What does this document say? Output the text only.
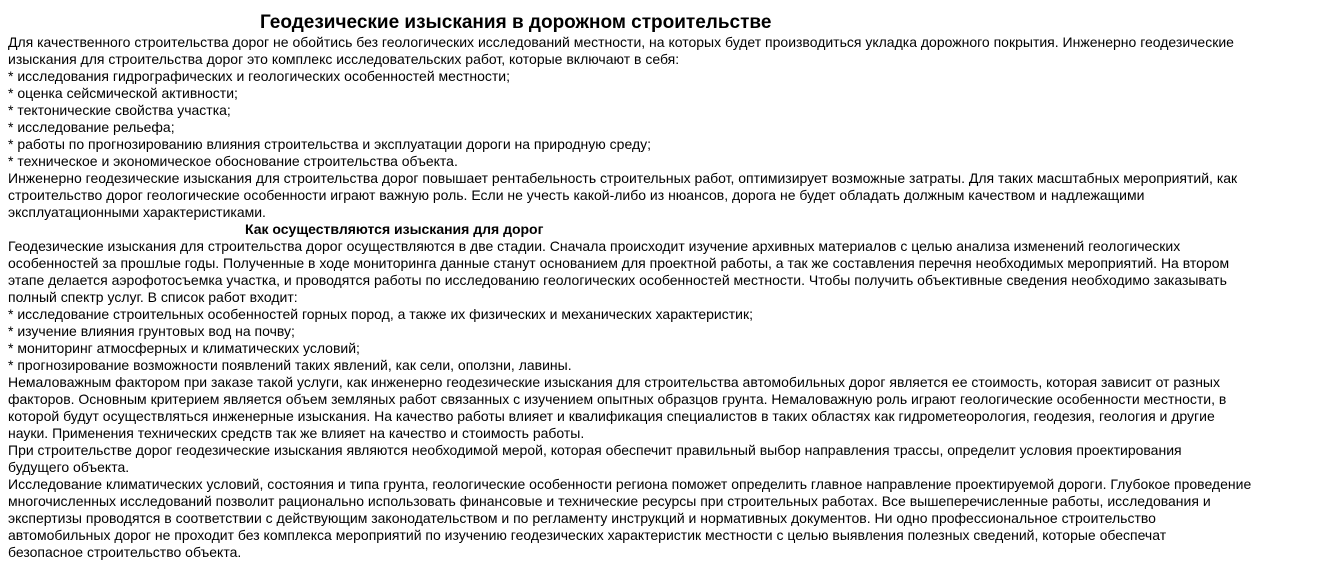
Геодезические изыскания в дорожном строительстве

Для качественного строительства дорог не обойтись без геологических исследований местности, на которых будет производиться укладка дорожного покрытия. Инженерно геодезические

изыскания для строительства дорог это комплекс исследовательских работ, которые включают в себя:

* исследования гидрографических и геологических особенностей местности;

* оценка сейсмической активности;

* тектонические свойства участка;

* исследование рельефа;

* работы по прогнозированию влияния строительства и эксплуатации дороги на природную среду;

* техническое и экономическое обоснование строительства объекта.

Инженерно геодезические изыскания для строительства дорог повышает рентабельность строительных работ, оптимизирует возможные затраты. Для таких масштабных мероприятий, как

строительство дорог геологические особенности играют важную роль. Если не учесть какой-либо из нюансов, дорога не будет обладать должным качеством и надлежащими

эксплуатационными характеристиками.

Как осуществляются изыскания для дорог

Геодезические изыскания для строительства дорог осуществляются в две стадии. Сначала происходит изучение архивных материалов с целью анализа изменений геологических

особенностей за прошлые годы. Полученные в ходе мониторинга данные станут основанием для проектной работы, а так же составления перечня необходимых мероприятий. На втором

этапе делается аэрофотосъемка участка, и проводятся работы по исследованию геологических особенностей местности. Чтобы получить объективные сведения необходимо заказывать

полный спектр услуг. В список работ входит:

* исследование строительных особенностей горных пород, а также их физических и механических характеристик;

* изучение влияния грунтовых вод на почву;

* мониторинг атмосферных и климатических условий;

* прогнозирование возможности появлений таких явлений, как сели, оползни, лавины.

Немаловажным фактором при заказе такой услуги, как инженерно геодезические изыскания для строительства автомобильных дорог является ее стоимость, которая зависит от разных

факторов. Основным критерием является объем земляных работ связанных с изучением опытных образцов грунта. Немаловажную роль играют геологические особенности местности, в

которой будут осуществляться инженерные изыскания. На качество работы влияет и квалификация специалистов в таких областях как гидрометеорология, геодезия, геология и другие

науки. Применения технических средств так же влияет на качество и стоимость работы.

При строительстве дорог геодезические изыскания являются необходимой мерой, которая обеспечит правильный выбор направления трассы, определит условия проектирования

будущего объекта.

Исследование климатических условий, состояния и типа грунта, геологические особенности региона поможет определить главное направление проектируемой дороги. Глубокое проведение

многочисленных исследований позволит рационально использовать финансовые и технические ресурсы при строительных работах. Все вышеперечисленные работы, исследования и

экспертизы проводятся в соответствии с действующим законодательством и по регламенту инструкций и нормативных документов. Ни одно профессиональное строительство

автомобильных дорог не проходит без комплекса мероприятий по изучению геодезических характеристик местности с целью выявления полезных сведений, которые обеспечат

безопасное строительство объекта.
